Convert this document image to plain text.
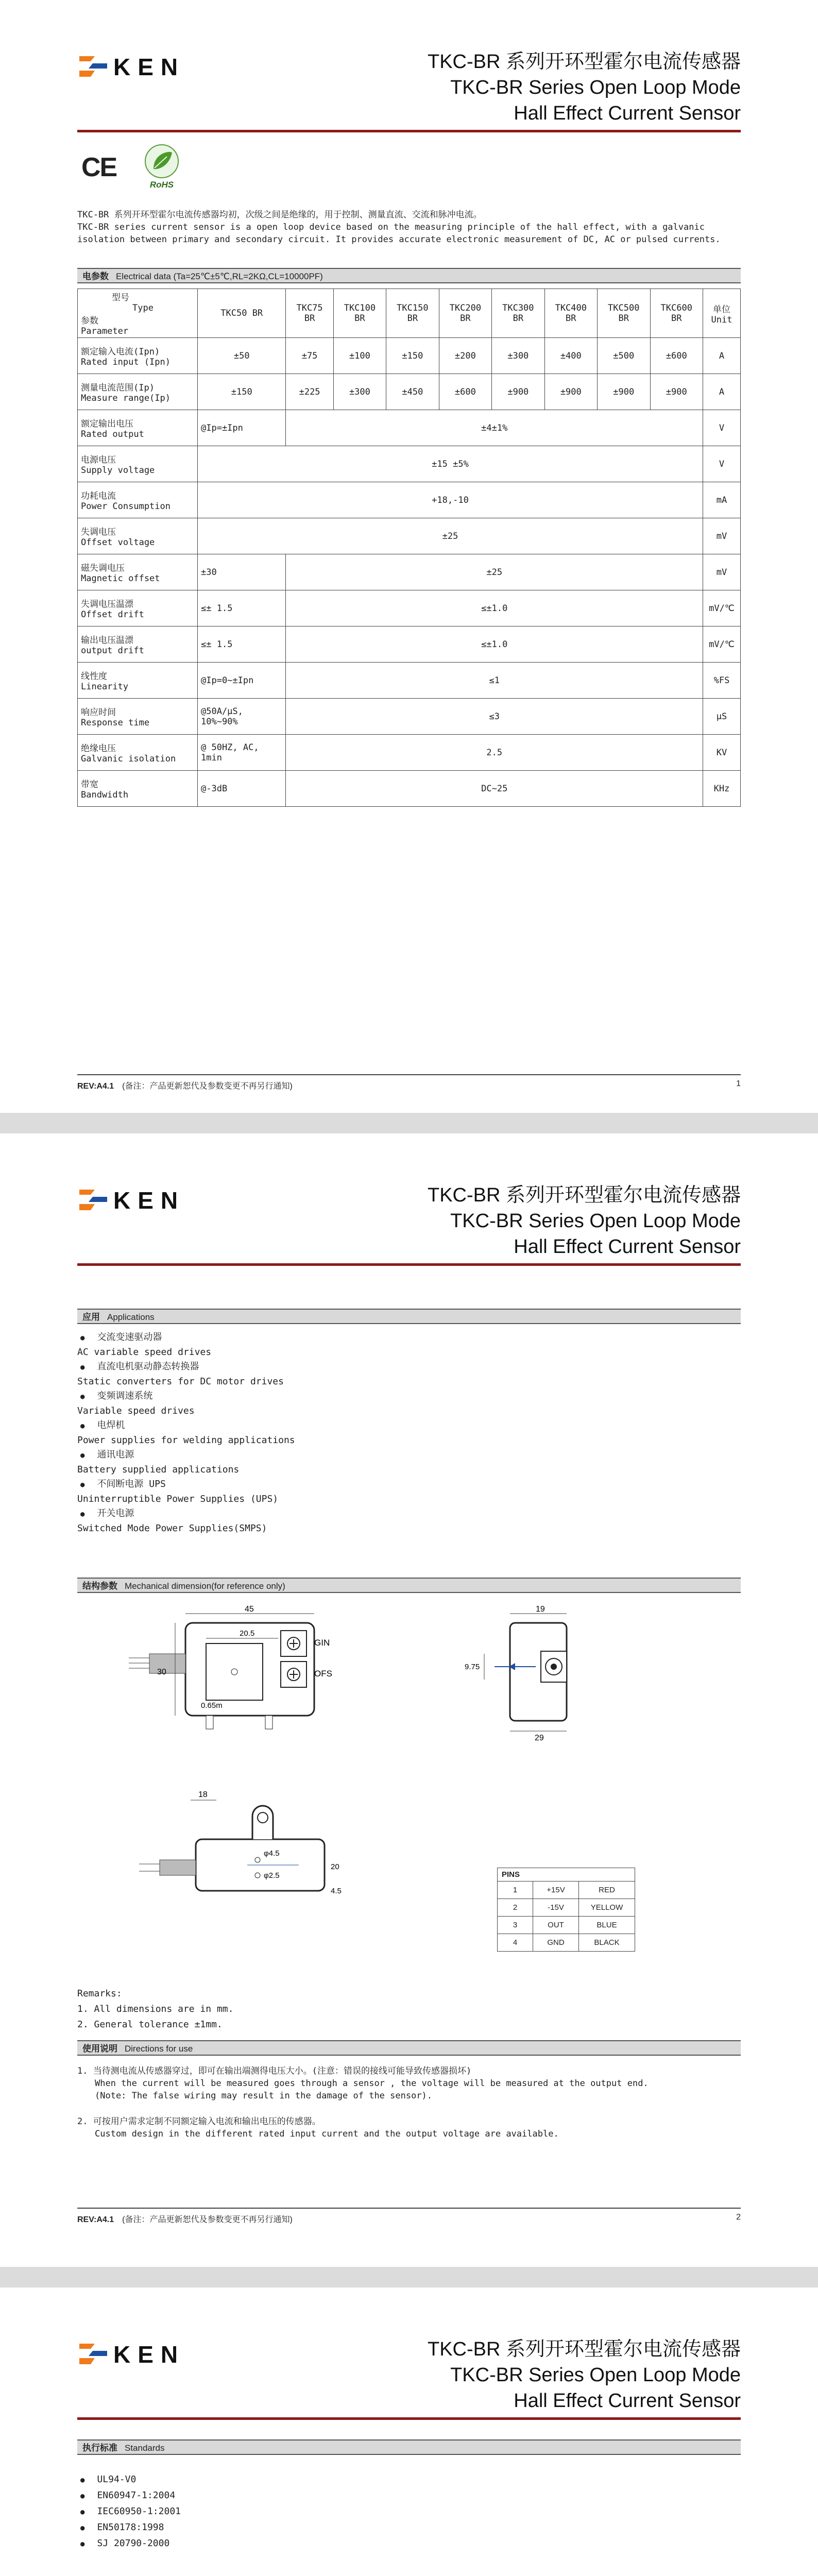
KEN	TKC-BR 系列开环型霍尔电流传感器
TKC-BR Series Open Loop Mode
Hall Effect Current Sensor
CE
RoHS
TKC-BR 系列开环型霍尔电流传感器均初，次级之间是绝缘的，用于控制、测量直流、交流和脉冲电流。
TKC-BR series current sensor is a open loop device based on the measuring principle of the hall effect, with a galvanic isolation between primary and secondary circuit. It provides accurate electronic measurement of DC, AC or pulsed currents.
电参数 Electrical data (Ta=25℃±5℃,RL=2KΩ,CL=10000PF)
型号
Type
参数
Parameter	TKC50 BR	TKC75 BR	TKC100 BR	TKC150 BR	TKC200 BR	TKC300 BR	TKC400 BR	TKC500 BR	TKC600 BR	单位 Unit

额定输入电流(Ipn)
Rated input (Ipn)	±50	±75	±100	±150	±200	±300	±400	±500	±600	A

测量电流范围(Ip)
Measure range(Ip)	±150	±225	±300	±450	±600	±900	±900	±900	±900	A

额定输出电压
Rated output	@Ip=±Ipn	±4±1%								V

电源电压
Supply voltage	±15 ±5%									V

功耗电流
Power Consumption	+18,-10									mA

失调电压
Offset voltage	±25									mV

磁失调电压
Magnetic offset	±30	±25								mV

失调电压温漂
Offset drift	≤± 1.5	≤±1.0								mV/℃

输出电压温漂
output drift	≤± 1.5	≤±1.0								mV/℃

线性度
Linearity	@Ip=0~±Ipn	≤1								%FS

响应时间
Response time	@50A/μS, 10%~90%	≤3								μS

绝缘电压
Galvanic isolation	@ 50HZ, AC, 1min	2.5								KV

带宽
Bandwidth	@-3dB	DC~25								KHz
REV:A4.1 (备注：产品更新恕代及参数变更不再另行通知)	1
KEN	TKC-BR 系列开环型霍尔电流传感器
TKC-BR Series Open Loop Mode
Hall Effect Current Sensor
应用 Applications
● 交流变速驱动器
AC variable speed drives
● 直流电机驱动静态转换器
Static converters for DC motor drives
● 变频调速系统
Variable speed drives
● 电焊机
Power supplies for welding applications
● 通讯电源
Battery supplied applications
● 不间断电源 UPS
Uninterruptible Power Supplies (UPS)
● 开关电源
Switched Mode Power Supplies(SMPS)
结构参数 Mechanical dimension(for reference only)
45
20.5
GIN
OFS
30
0.65m
19
9.75
29
18
φ4.5
φ2.5
20
4.5
PINS		
1	+15V	RED
2	-15V	YELLOW
3	OUT	BLUE
4	GND	BLACK
Remarks:
1. All dimensions are in mm.
2. General tolerance ±1mm.
使用说明 Directions for use
1. 当待测电流从传感器穿过，即可在输出端测得电压大小。(注意：错误的接线可能导致传感器损坏)
When the current will be measured goes through a sensor , the voltage will be measured at the output end.
(Note: The false wiring may result in the damage of the sensor).
2. 可按用户需求定制不同额定输入电流和输出电压的传感器。
Custom design in the different rated input current and the output voltage are available.
REV:A4.1 (备注：产品更新恕代及参数变更不再另行通知)	2
KEN	TKC-BR 系列开环型霍尔电流传感器
TKC-BR Series Open Loop Mode
Hall Effect Current Sensor
执行标准 Standards
● UL94-V0
● EN60947-1:2004
● IEC60950-1:2001
● EN50178:1998
● SJ 20790-2000
